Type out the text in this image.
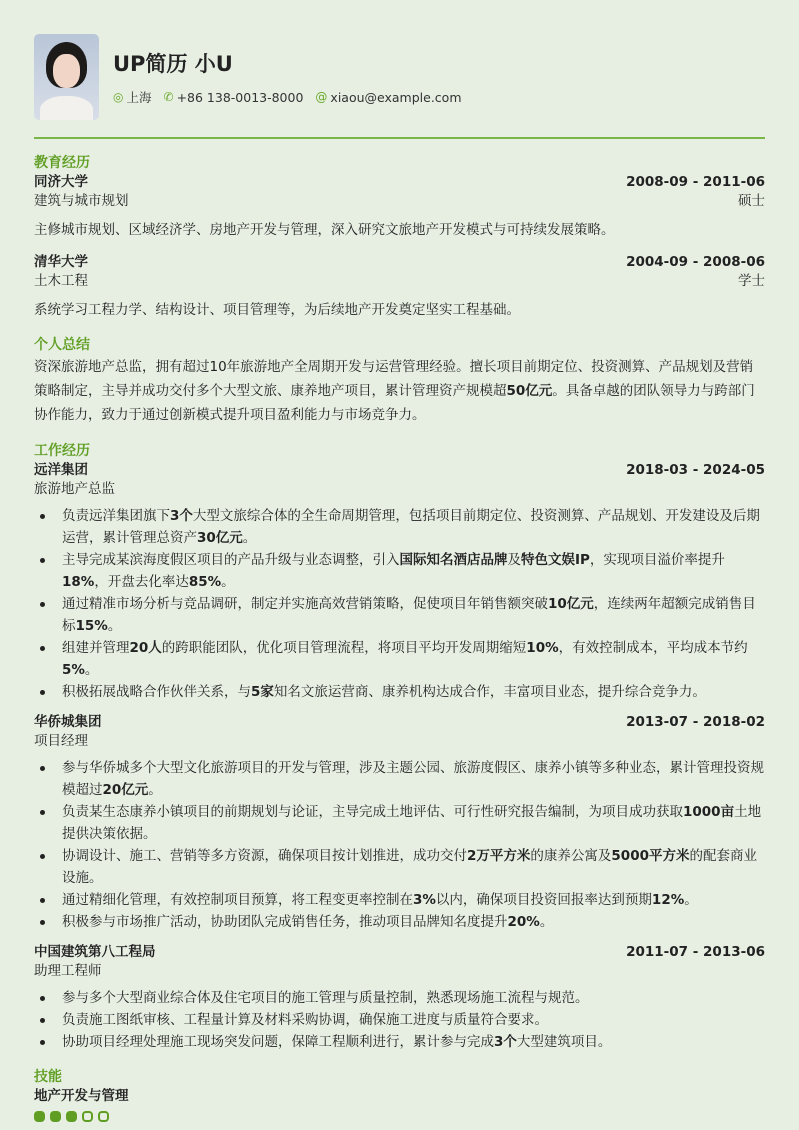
UP简历 小U
◎ 上海 ✆ +86 138-0013-8000 @ xiaou@example.com
教育经历
同济大学	2008-09 - 2011-06
建筑与城市规划	硕士
主修城市规划、区域经济学、房地产开发与管理，深入研究文旅地产开发模式与可持续发展策略。
清华大学	2004-09 - 2008-06
土木工程	学士
系统学习工程力学、结构设计、项目管理等，为后续地产开发奠定坚实工程基础。
个人总结
资深旅游地产总监，拥有超过10年旅游地产全周期开发与运营管理经验。擅长项目前期定位、投资测算、产品规划及营销策略制定，主导并成功交付多个大型文旅、康养地产项目，累计管理资产规模超50亿元。具备卓越的团队领导力与跨部门协作能力，致力于通过创新模式提升项目盈利能力与市场竞争力。
工作经历
远洋集团	2018-03 - 2024-05
旅游地产总监
负责远洋集团旗下3个大型文旅综合体的全生命周期管理，包括项目前期定位、投资测算、产品规划、开发建设及后期运营，累计管理总资产30亿元。
主导完成某滨海度假区项目的产品升级与业态调整，引入国际知名酒店品牌及特色文娱IP，实现项目溢价率提升18%，开盘去化率达85%。
通过精准市场分析与竞品调研，制定并实施高效营销策略，促使项目年销售额突破10亿元，连续两年超额完成销售目标15%。
组建并管理20人的跨职能团队，优化项目管理流程，将项目平均开发周期缩短10%，有效控制成本，平均成本节约5%。
积极拓展战略合作伙伴关系，与5家知名文旅运营商、康养机构达成合作，丰富项目业态，提升综合竞争力。
华侨城集团	2013-07 - 2018-02
项目经理
参与华侨城多个大型文化旅游项目的开发与管理，涉及主题公园、旅游度假区、康养小镇等多种业态，累计管理投资规模超过20亿元。
负责某生态康养小镇项目的前期规划与论证，主导完成土地评估、可行性研究报告编制，为项目成功获取1000亩土地提供决策依据。
协调设计、施工、营销等多方资源，确保项目按计划推进，成功交付2万平方米的康养公寓及5000平方米的配套商业设施。
通过精细化管理，有效控制项目预算，将工程变更率控制在3%以内，确保项目投资回报率达到预期12%。
积极参与市场推广活动，协助团队完成销售任务，推动项目品牌知名度提升20%。
中国建筑第八工程局	2011-07 - 2013-06
助理工程师
参与多个大型商业综合体及住宅项目的施工管理与质量控制，熟悉现场施工流程与规范。
负责施工图纸审核、工程量计算及材料采购协调，确保施工进度与质量符合要求。
协助项目经理处理施工现场突发问题，保障工程顺利进行，累计参与完成3个大型建筑项目。
技能
地产开发与管理
